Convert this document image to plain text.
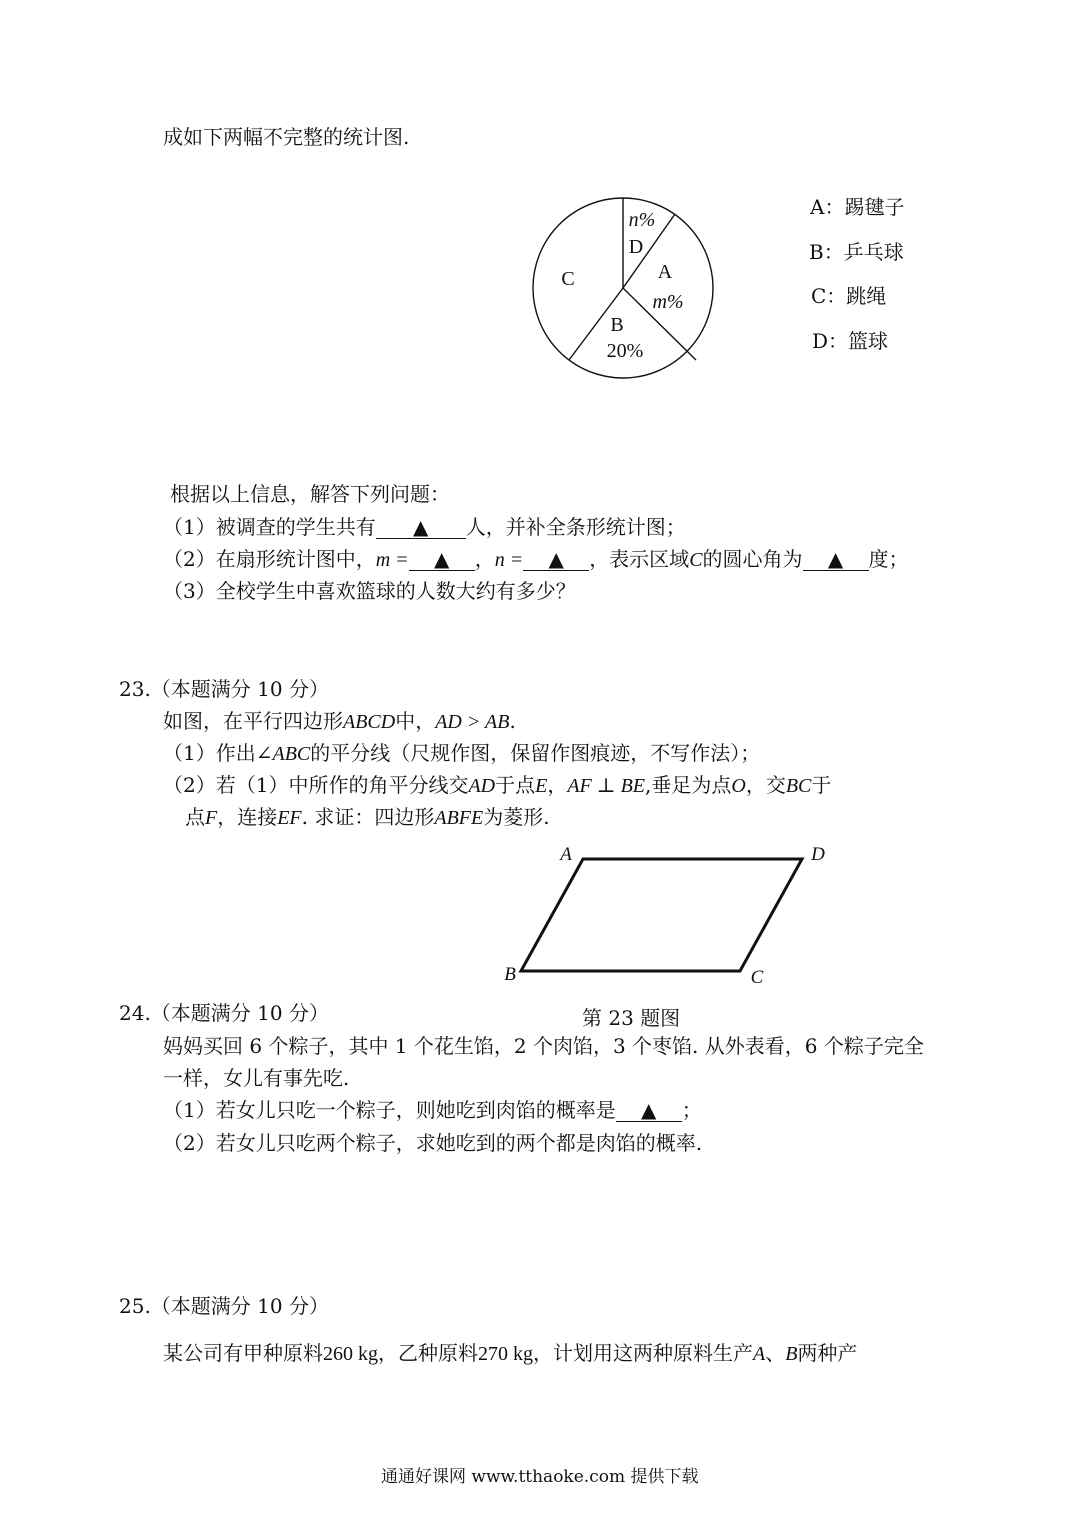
成如下两幅不完整的统计图.
n%
D
A
m%
B
20%
C
A：踢毽子
B：乒乓球
C：跳绳
D：篮球
根据以上信息，解答下列问题：
（1）被调查的学生共有 ▲ 人，并补全条形统计图；
（2）在扇形统计图中，m = ▲ ，n = ▲ ，表示区域C的圆心角为 ▲ 度；
（3）全校学生中喜欢篮球的人数大约有多少？
23.（本题满分 10 分）
如图，在平行四边形ABCD中，AD > AB.
（1）作出∠ABC的平分线（尺规作图，保留作图痕迹，不写作法）；
（2）若（1）中所作的角平分线交AD于点E，AF ⊥ BE,垂足为点O，交BC于
点F，连接EF. 求证：四边形ABFE为菱形.
A	D
B	C
第 23 题图
24.（本题满分 10 分）
妈妈买回 6 个粽子，其中 1 个花生馅，2 个肉馅，3 个枣馅. 从外表看，6 个粽子完全
一样，女儿有事先吃.
（1）若女儿只吃一个粽子，则她吃到肉馅的概率是 ▲ ；
（2）若女儿只吃两个粽子，求她吃到的两个都是肉馅的概率.
25.（本题满分 10 分）
某公司有甲种原料260 kg，乙种原料270 kg，计划用这两种原料生产A、B两种产
通通好课网 www.tthaoke.com 提供下载
